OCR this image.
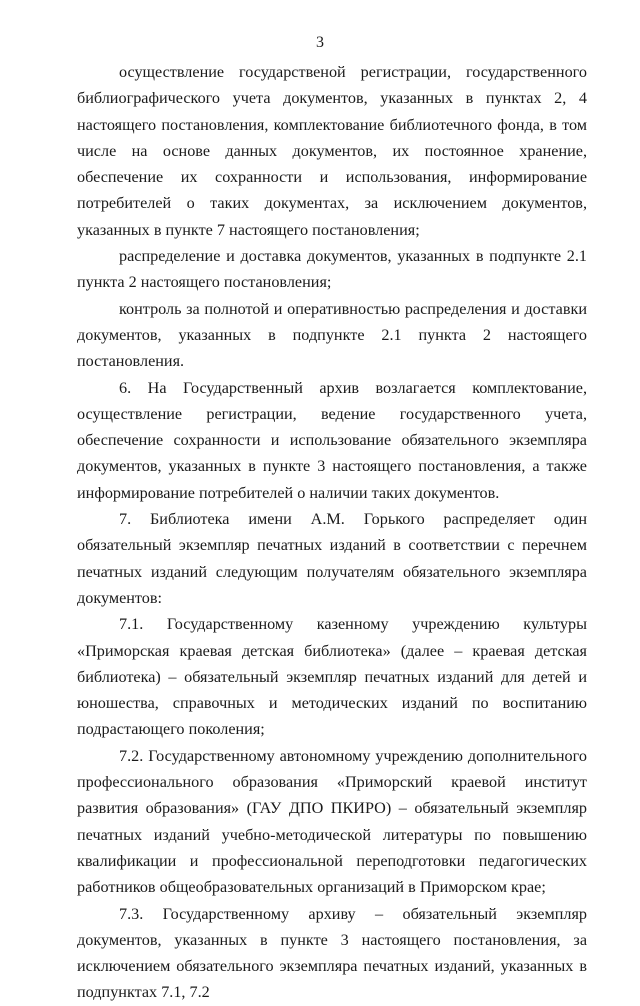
3

осуществление государственой регистрации, государственного библиографического учета документов, указанных в пунктах 2, 4 настоящего постановления, комплектование библиотечного фонда, в том числе на основе данных документов, их постоянное хранение, обеспечение их сохранности и использования, информирование потребителей о таких документах, за исключением документов, указанных в пункте 7 настоящего постановления;

распределение и доставка документов, указанных в подпункте 2.1 пункта 2 настоящего постановления;

контроль за полнотой и оперативностью распределения и доставки документов, указанных в подпункте 2.1 пункта 2 настоящего постановления.

6. На Государственный архив возлагается комплектование, осуществление регистрации, ведение государственного учета, обеспечение сохранности и использование обязательного экземпляра документов, указанных в пункте 3 настоящего постановления, а также информирование потребителей о наличии таких документов.

7. Библиотека имени А.М. Горького распределяет один обязательный экземпляр печатных изданий в соответствии с перечнем печатных изданий следующим получателям обязательного экземпляра документов:

7.1. Государственному казенному учреждению культуры «Приморская краевая детская библиотека» (далее – краевая детская библиотека) – обязательный экземпляр печатных изданий для детей и юношества, справочных и методических изданий по воспитанию подрастающего поколения;

7.2. Государственному автономному учреждению дополнительного профессионального образования «Приморский краевой институт развития образования» (ГАУ ДПО ПКИРО) – обязательный экземпляр печатных изданий учебно-методической литературы по повышению квалификации и профессиональной переподготовки педагогических работников общеобразовательных организаций в Приморском крае;

7.3. Государственному архиву – обязательный экземпляр документов, указанных в пункте 3 настоящего постановления, за исключением обязательного экземпляра печатных изданий, указанных в подпунктах 7.1, 7.2
